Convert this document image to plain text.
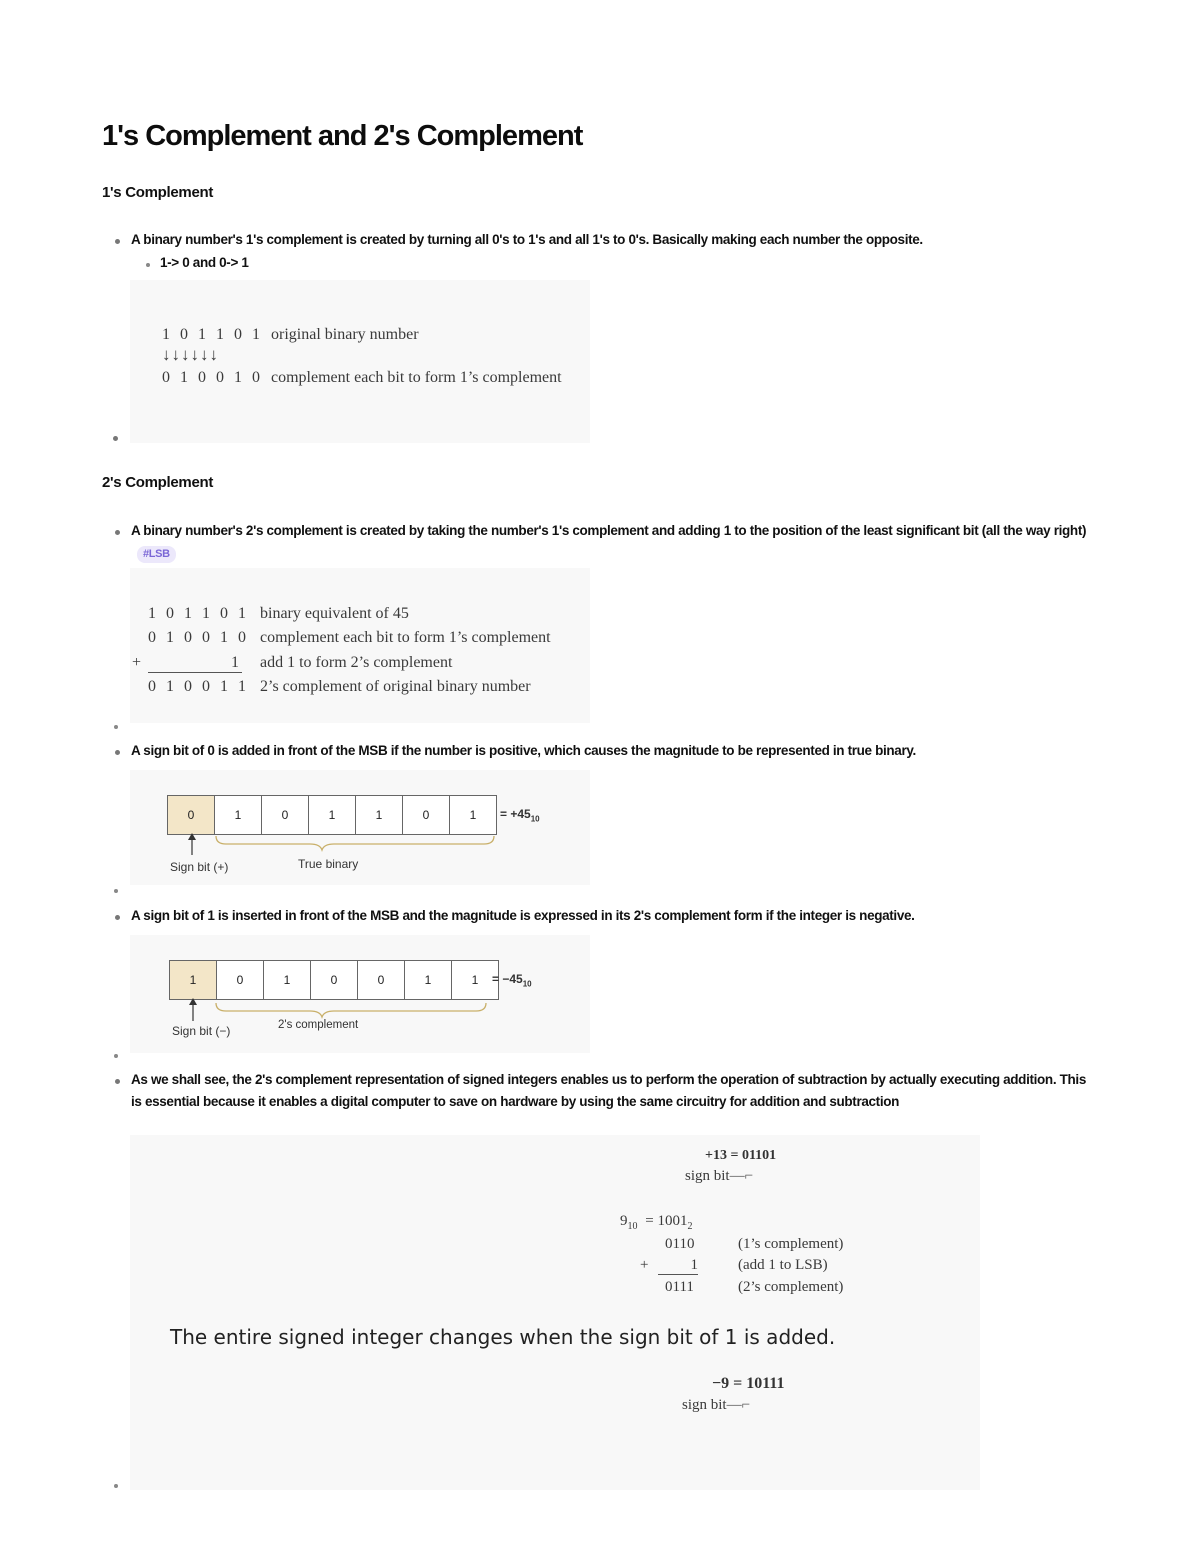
1's Complement and 2's Complement
1's Complement
A binary number's 1's complement is created by turning all 0's to 1's and all 1's to 0's. Basically making each number the opposite.
1-> 0 and 0-> 1
1 0 1 1 0 1 original binary number
↓↓↓↓↓↓
0 1 0 0 1 0 complement each bit to form 1’s complement
2's Complement
A binary number's 2's complement is created by taking the number's 1's complement and adding 1 to the position of the least significant bit (all the way right)#LSB
1 0 1 1 0 1 binary equivalent of 45
0 1 0 0 1 0 complement each bit to form 1’s complement
+	1 add 1 to form 2’s complement
0 1 0 0 1 1 2’s complement of original binary number
A sign bit of 0 is added in front of the MSB if the number is positive, which causes the magnitude to be represented in true binary.
0	1	0	1	1	0	1	= $+45_{10}$
Sign bit (+)	True binary
A sign bit of 1 is inserted in front of the MSB and the magnitude is expressed in its 2's complement form if the integer is negative.
1	0	1	0	0	1	1	= $-45_{10}$
Sign bit (−)	2's complement
As we shall see, the 2's complement representation of signed integers enables us to perform the operation of subtraction by actually executing addition. This is essential because it enables a digital computer to save on hardware by using the same circuitry for addition and subtraction
+13 = 01101
sign bit—⌐
$9_{10} = 1001_2$
0110	(1’s complement)
+	1	(add 1 to LSB)
0111	(2’s complement)
The entire signed integer changes when the sign bit of 1 is added.
−9 = 10111
sign bit—⌐
